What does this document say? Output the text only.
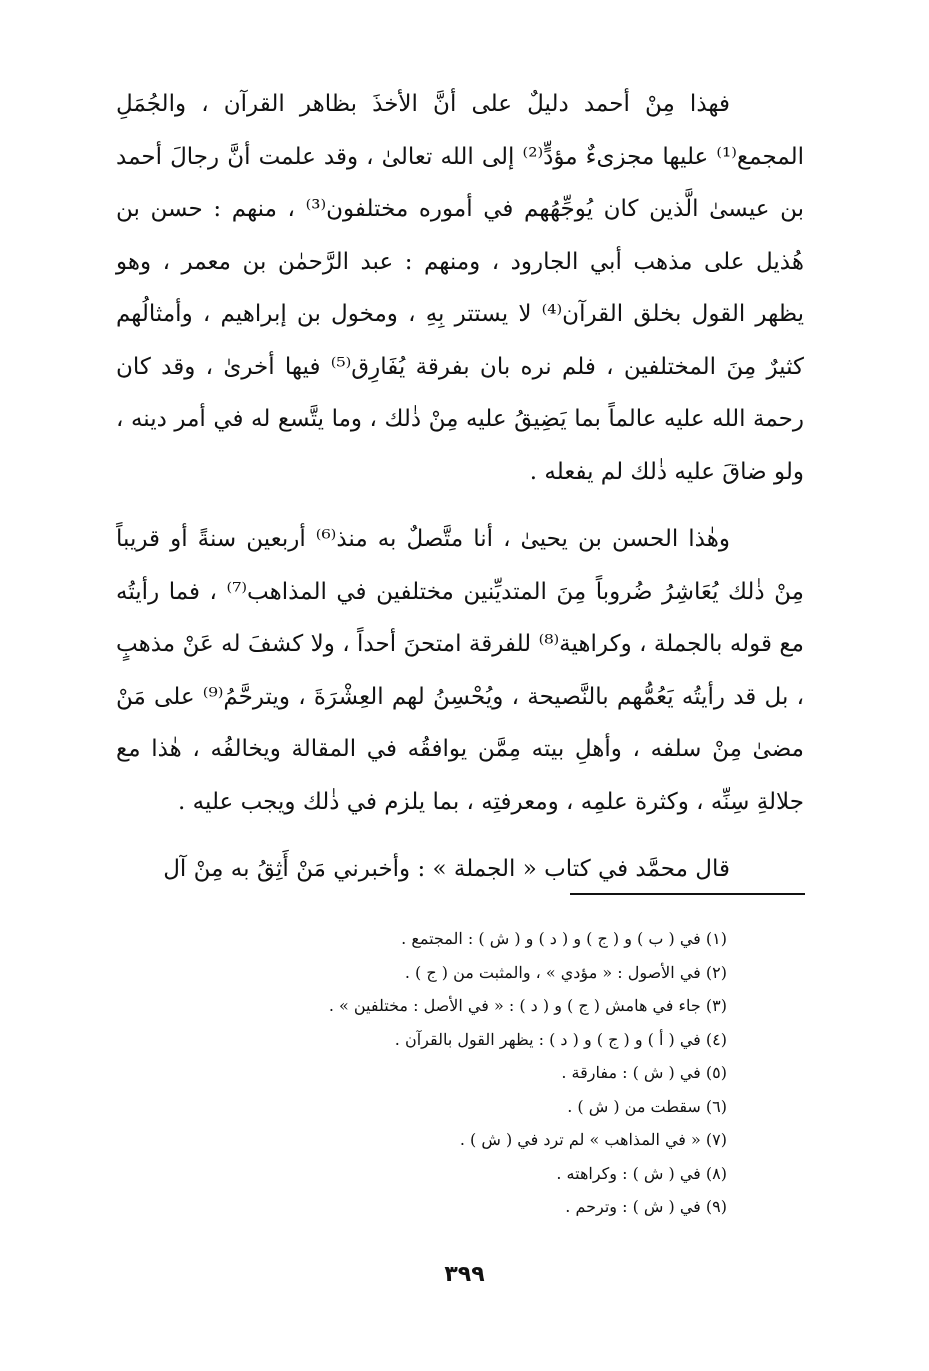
فهذا مِنْ أحمد دليلٌ على أنَّ الأخذَ بظاهر القرآن ، والجُمَلِ المجمع⁽¹⁾ عليها مجزىءٌ مؤدٍّ⁽²⁾ إلى الله تعالىٰ ، وقد علمت أنَّ رجالَ أحمد بن عيسىٰ الَّذين كان يُوجِّهُهم في أموره مختلفون⁽³⁾ ، منهم : حسن بن هُذيل على مذهب أبي الجارود ، ومنهم : عبد الرَّحمٰن بن معمر ، وهو يظهر القول بخلق القرآن⁽⁴⁾ لا يستتر بِهِ ، ومخول بن إبراهيم ، وأمثالُهم كثيرٌ مِنَ المختلفين ، فلم نره بان بفرقة يُفَارِق⁽⁵⁾ فيها أخرىٰ ، وقد كان رحمة الله عليه عالماً بما يَضِيقُ عليه مِنْ ذٰلك ، وما يتَّسع له في أمر دينه ، ولو ضاقَ عليه ذٰلك لم يفعله .

وهٰذا الحسن بن يحيىٰ ، أنا متَّصلٌ به منذ⁽⁶⁾ أربعين سنةً أو قريباً مِنْ ذٰلك يُعَاشِرُ ضُروباً مِنَ المتديِّنين مختلفين في المذاهب⁽⁷⁾ ، فما رأيتُه مع قوله بالجملة ، وكراهية⁽⁸⁾ للفرقة امتحنَ أحداً ، ولا كشفَ له عَنْ مذهبٍ ، بل قد رأيتُه يَعُمُّهم بالنَّصيحة ، ويُحْسِنُ لهم العِشْرَةَ ، ويترحَّمُ⁽⁹⁾ على مَنْ مضىٰ مِنْ سلفه ، وأهلِ بيته مِمَّن يوافقُه في المقالة ويخالفُه ، هٰذا مع جلالةِ سِنِّه ، وكثرة علمِه ، ومعرفتِه ، بما يلزم في ذٰلك ويجب عليه .

قال محمَّد في كتاب « الجملة » : وأخبرني مَنْ أَثِقُ به مِنْ آل

(١) في ( ب ) و ( ج ) و ( د ) و ( ش ) : المجتمع .
(٢) في الأصول : « مؤدي » ، والمثبت من ( ج ) .
(٣) جاء في هامش ( ج ) و ( د ) : « في الأصل : مختلفين » .
(٤) في ( أ ) و ( ج ) و ( د ) : يظهر القول بالقرآن .
(٥) في ( ش ) : مفارقة .
(٦) سقطت من ( ش ) .
(٧) « في المذاهب » لم ترد في ( ش ) .
(٨) في ( ش ) : وكراهته .
(٩) في ( ش ) : وترحم .
٣٩٩
